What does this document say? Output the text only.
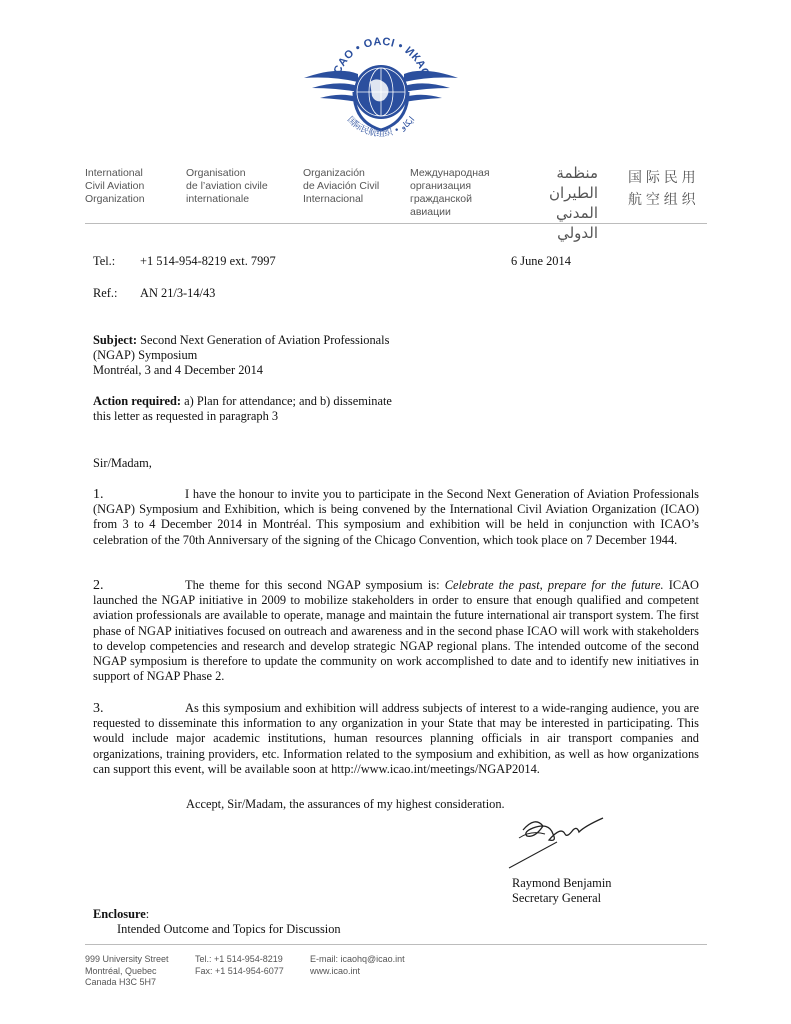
ICAO • OACI • ИКАО
国际民航组织 • ايكاو
International
Civil Aviation
Organization
Organisation
de l’aviation civile
internationale
Organización
de Aviación Civil
Internacional
Международная
организация
гражданской
авиации
منظمة الطيران
المدني الدولي
国 际 民 用
航 空 组 织
Tel.: +1 514-954-8219 ext. 7997	6 June 2014
Ref.: AN 21/3-14/43
Subject: Second Next Generation of Aviation Professionals
(NGAP) Symposium
Montréal, 3 and 4 December 2014
Action required: a) Plan for attendance; and b) disseminate
this letter as requested in paragraph 3
Sir/Madam,
1.	I have the honour to invite you to participate in the Second Next Generation of Aviation Professionals (NGAP) Symposium and Exhibition, which is being convened by the International Civil Aviation Organization (ICAO) from 3 to 4 December 2014 in Montréal. This symposium and exhibition will be held in conjunction with ICAO’s celebration of the 70th Anniversary of the signing of the Chicago Convention, which took place on 7 December 1944.
2.	The theme for this second NGAP symposium is: Celebrate the past, prepare for the future. ICAO launched the NGAP initiative in 2009 to mobilize stakeholders in order to ensure that enough qualified and competent aviation professionals are available to operate, manage and maintain the future international air transport system. The first phase of NGAP initiatives focused on outreach and awareness and in the second phase ICAO will work with stakeholders to develop competencies and research and develop strategic NGAP regional plans. The intended outcome of the second NGAP symposium is therefore to update the community on work accomplished to date and to identify new initiatives in support of NGAP Phase 2.
3.	As this symposium and exhibition will address subjects of interest to a wide-ranging audience, you are requested to disseminate this information to any organization in your State that may be interested in participating. This would include major academic institutions, human resources planning officials in air transport companies and organizations, training providers, etc. Information related to the symposium and exhibition, as well as how organizations can support this event, will be available soon at http://www.icao.int/meetings/NGAP2014.
Accept, Sir/Madam, the assurances of my highest consideration.
Raymond Benjamin
Secretary General
Enclosure:
Intended Outcome and Topics for Discussion
999 University Street
Montréal, Quebec
Canada H3C 5H7
Tel.: +1 514-954-8219
Fax: +1 514-954-6077
E-mail: icaohq@icao.int
www.icao.int
